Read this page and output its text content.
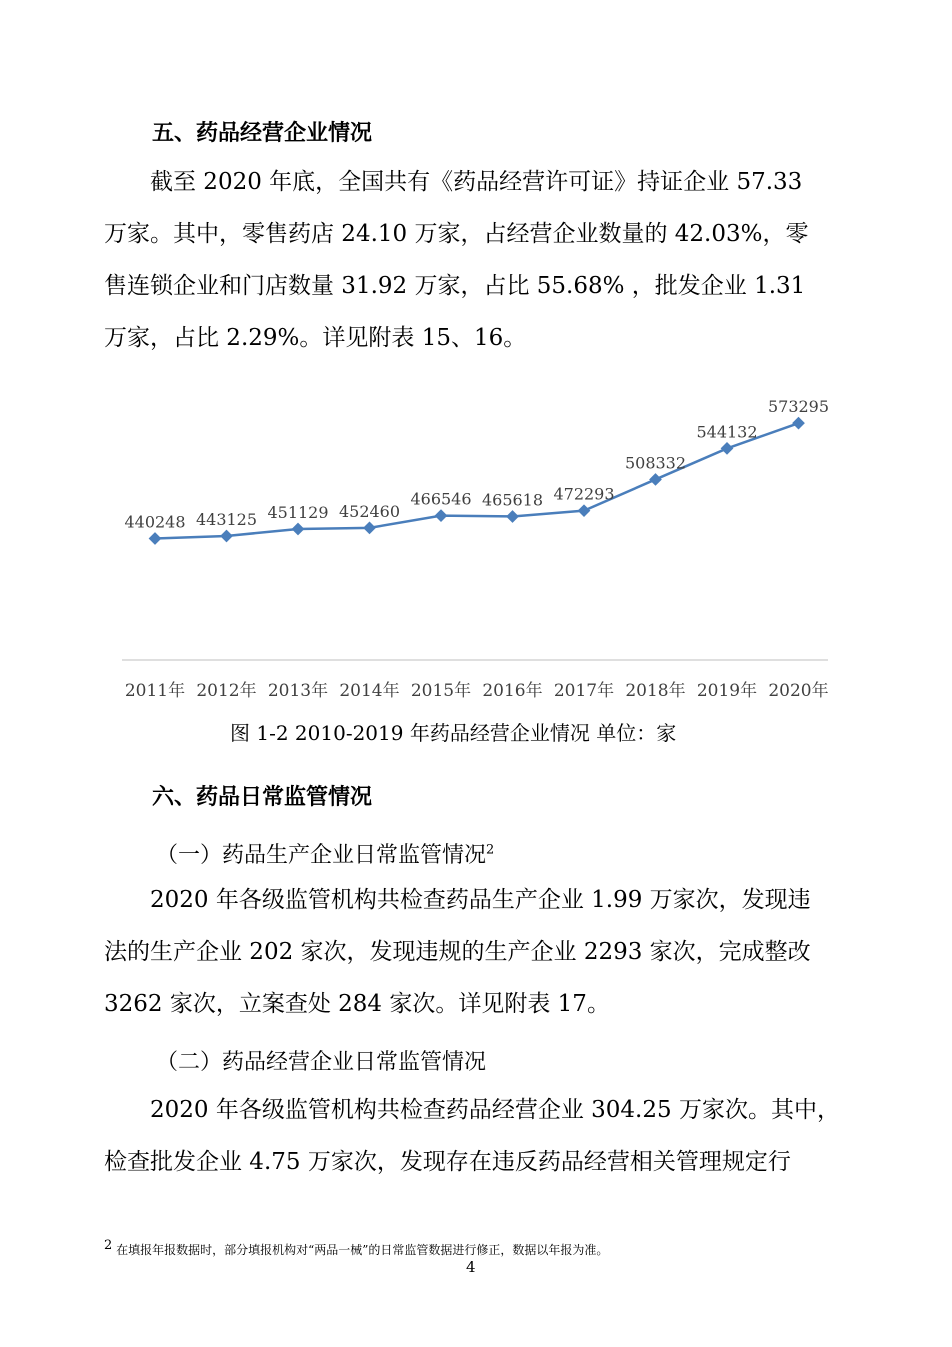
五、药品经营企业情况
截至 2020 年底，全国共有《药品经营许可证》持证企业 57.33
万家。其中，零售药店 24.10 万家，占经营企业数量的 42.03%，零
售连锁企业和门店数量 31.92 万家，占比 55.68% ，批发企业 1.31
万家，占比 2.29%。详见附表 15、16。
440248 443125 451129 452460
466546 465618 472293
508332
544132
573295
2011年 2012年 2013年 2014年 2015年 2016年 2017年 2018年 2019年 2020年
图 1-2 2010-2019 年药品经营企业情况 单位：家
六、药品日常监管情况
（一）药品生产企业日常监管情况$^2$
2020 年各级监管机构共检查药品生产企业 1.99 万家次，发现违
法的生产企业 202 家次，发现违规的生产企业 2293 家次，完成整改
3262 家次，立案查处 284 家次。详见附表 17。
（二）药品经营企业日常监管情况
2020 年各级监管机构共检查药品经营企业 304.25 万家次。其中，
检查批发企业 4.75 万家次，发现存在违反药品经营相关管理规定行
$^2$ 在填报年报数据时，部分填报机构对“两品一械”的日常监管数据进行修正，数据以年报为准。
4
